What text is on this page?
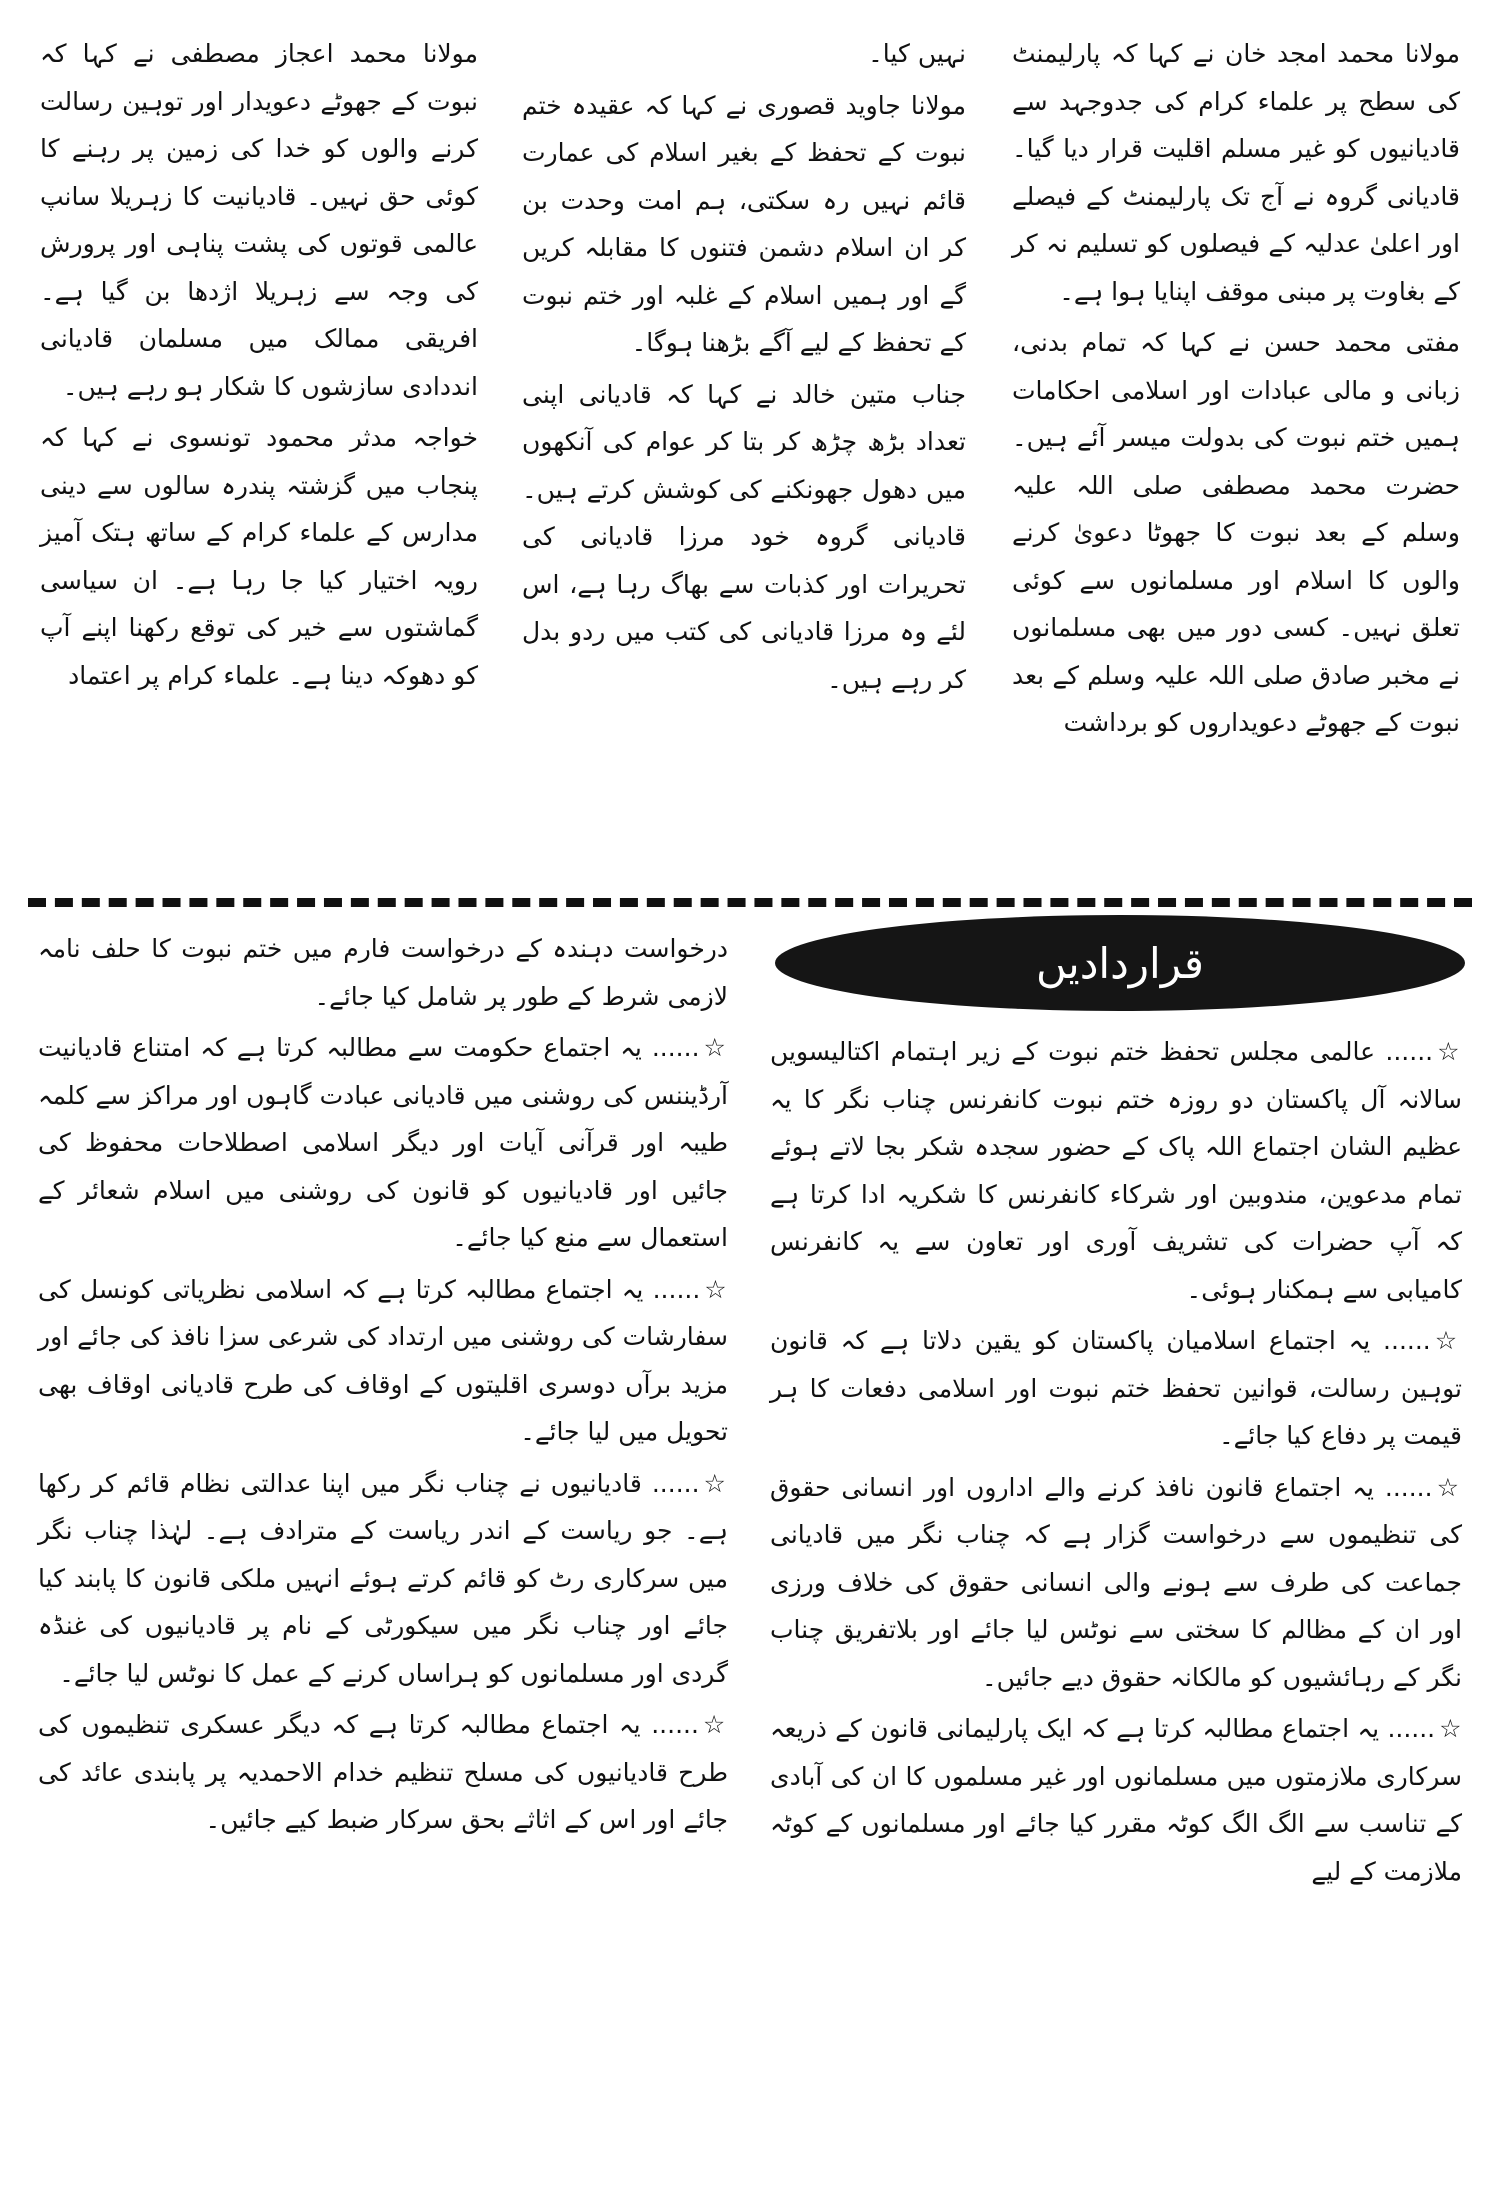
مولانا محمد امجد خان نے کہا کہ پارلیمنٹ کی سطح پر علماء کرام کی جدوجہد سے قادیانیوں کو غیر مسلم اقلیت قرار دیا گیا۔ قادیانی گروہ نے آج تک پارلیمنٹ کے فیصلے اور اعلیٰ عدلیہ کے فیصلوں کو تسلیم نہ کر کے بغاوت پر مبنی موقف اپنایا ہوا ہے۔

مفتی محمد حسن نے کہا کہ تمام بدنی، زبانی و مالی عبادات اور اسلامی احکامات ہمیں ختم نبوت کی بدولت میسر آئے ہیں۔ حضرت محمد مصطفی صلی اللہ علیہ وسلم کے بعد نبوت کا جھوٹا دعویٰ کرنے والوں کا اسلام اور مسلمانوں سے کوئی تعلق نہیں۔ کسی دور میں بھی مسلمانوں نے مخبر صادق صلی اللہ علیہ وسلم کے بعد نبوت کے جھوٹے دعویداروں کو برداشت

نہیں کیا۔

مولانا جاوید قصوری نے کہا کہ عقیدہ ختم نبوت کے تحفظ کے بغیر اسلام کی عمارت قائم نہیں رہ سکتی، ہم امت وحدت بن کر ان اسلام دشمن فتنوں کا مقابلہ کریں گے اور ہمیں اسلام کے غلبہ اور ختم نبوت کے تحفظ کے لیے آگے بڑھنا ہوگا۔

جناب متین خالد نے کہا کہ قادیانی اپنی تعداد بڑھ چڑھ کر بتا کر عوام کی آنکھوں میں دھول جھونکنے کی کوشش کرتے ہیں۔ قادیانی گروہ خود مرزا قادیانی کی تحریرات اور کذبات سے بھاگ رہا ہے، اس لئے وہ مرزا قادیانی کی کتب میں ردو بدل کر رہے ہیں۔

مولانا محمد اعجاز مصطفی نے کہا کہ نبوت کے جھوٹے دعویدار اور توہین رسالت کرنے والوں کو خدا کی زمین پر رہنے کا کوئی حق نہیں۔ قادیانیت کا زہریلا سانپ عالمی قوتوں کی پشت پناہی اور پرورش کی وجہ سے زہریلا اژدھا بن گیا ہے۔ افریقی ممالک میں مسلمان قادیانی انددادی سازشوں کا شکار ہو رہے ہیں۔

خواجہ مدثر محمود تونسوی نے کہا کہ پنجاب میں گزشتہ پندرہ سالوں سے دینی مدارس کے علماء کرام کے ساتھ ہتک آمیز رویہ اختیار کیا جا رہا ہے۔ ان سیاسی گماشتوں سے خیر کی توقع رکھنا اپنے آپ کو دھوکہ دینا ہے۔ علماء کرام پر اعتماد

قراردادیں

☆...... عالمی مجلس تحفظ ختم نبوت کے زیر اہتمام اکتالیسویں سالانہ آل پاکستان دو روزہ ختم نبوت کانفرنس چناب نگر کا یہ عظیم الشان اجتماع اللہ پاک کے حضور سجدہ شکر بجا لاتے ہوئے تمام مدعوین، مندوبین اور شرکاء کانفرنس کا شکریہ ادا کرتا ہے کہ آپ حضرات کی تشریف آوری اور تعاون سے یہ کانفرنس کامیابی سے ہمکنار ہوئی۔

☆...... یہ اجتماع اسلامیان پاکستان کو یقین دلاتا ہے کہ قانون توہین رسالت، قوانین تحفظ ختم نبوت اور اسلامی دفعات کا ہر قیمت پر دفاع کیا جائے۔

☆...... یہ اجتماع قانون نافذ کرنے والے اداروں اور انسانی حقوق کی تنظیموں سے درخواست گزار ہے کہ چناب نگر میں قادیانی جماعت کی طرف سے ہونے والی انسانی حقوق کی خلاف ورزی اور ان کے مظالم کا سختی سے نوٹس لیا جائے اور بلاتفریق چناب نگر کے رہائشیوں کو مالکانہ حقوق دیے جائیں۔

☆...... یہ اجتماع مطالبہ کرتا ہے کہ ایک پارلیمانی قانون کے ذریعہ سرکاری ملازمتوں میں مسلمانوں اور غیر مسلموں کا ان کی آبادی کے تناسب سے الگ الگ کوٹہ مقرر کیا جائے اور مسلمانوں کے کوٹہ ملازمت کے لیے

درخواست دہندہ کے درخواست فارم میں ختم نبوت کا حلف نامہ لازمی شرط کے طور پر شامل کیا جائے۔

☆...... یہ اجتماع حکومت سے مطالبہ کرتا ہے کہ امتناع قادیانیت آرڈیننس کی روشنی میں قادیانی عبادت گاہوں اور مراکز سے کلمہ طیبہ اور قرآنی آیات اور دیگر اسلامی اصطلاحات محفوظ کی جائیں اور قادیانیوں کو قانون کی روشنی میں اسلام شعائر کے استعمال سے منع کیا جائے۔

☆...... یہ اجتماع مطالبہ کرتا ہے کہ اسلامی نظریاتی کونسل کی سفارشات کی روشنی میں ارتداد کی شرعی سزا نافذ کی جائے اور مزید برآں دوسری اقلیتوں کے اوقاف کی طرح قادیانی اوقاف بھی تحویل میں لیا جائے۔

☆...... قادیانیوں نے چناب نگر میں اپنا عدالتی نظام قائم کر رکھا ہے۔ جو ریاست کے اندر ریاست کے مترادف ہے۔ لہٰذا چناب نگر میں سرکاری رٹ کو قائم کرتے ہوئے انہیں ملکی قانون کا پابند کیا جائے اور چناب نگر میں سیکورٹی کے نام پر قادیانیوں کی غنڈہ گردی اور مسلمانوں کو ہراساں کرنے کے عمل کا نوٹس لیا جائے۔

☆...... یہ اجتماع مطالبہ کرتا ہے کہ دیگر عسکری تنظیموں کی طرح قادیانیوں کی مسلح تنظیم خدام الاحمدیہ پر پابندی عائد کی جائے اور اس کے اثاثے بحق سرکار ضبط کیے جائیں۔
